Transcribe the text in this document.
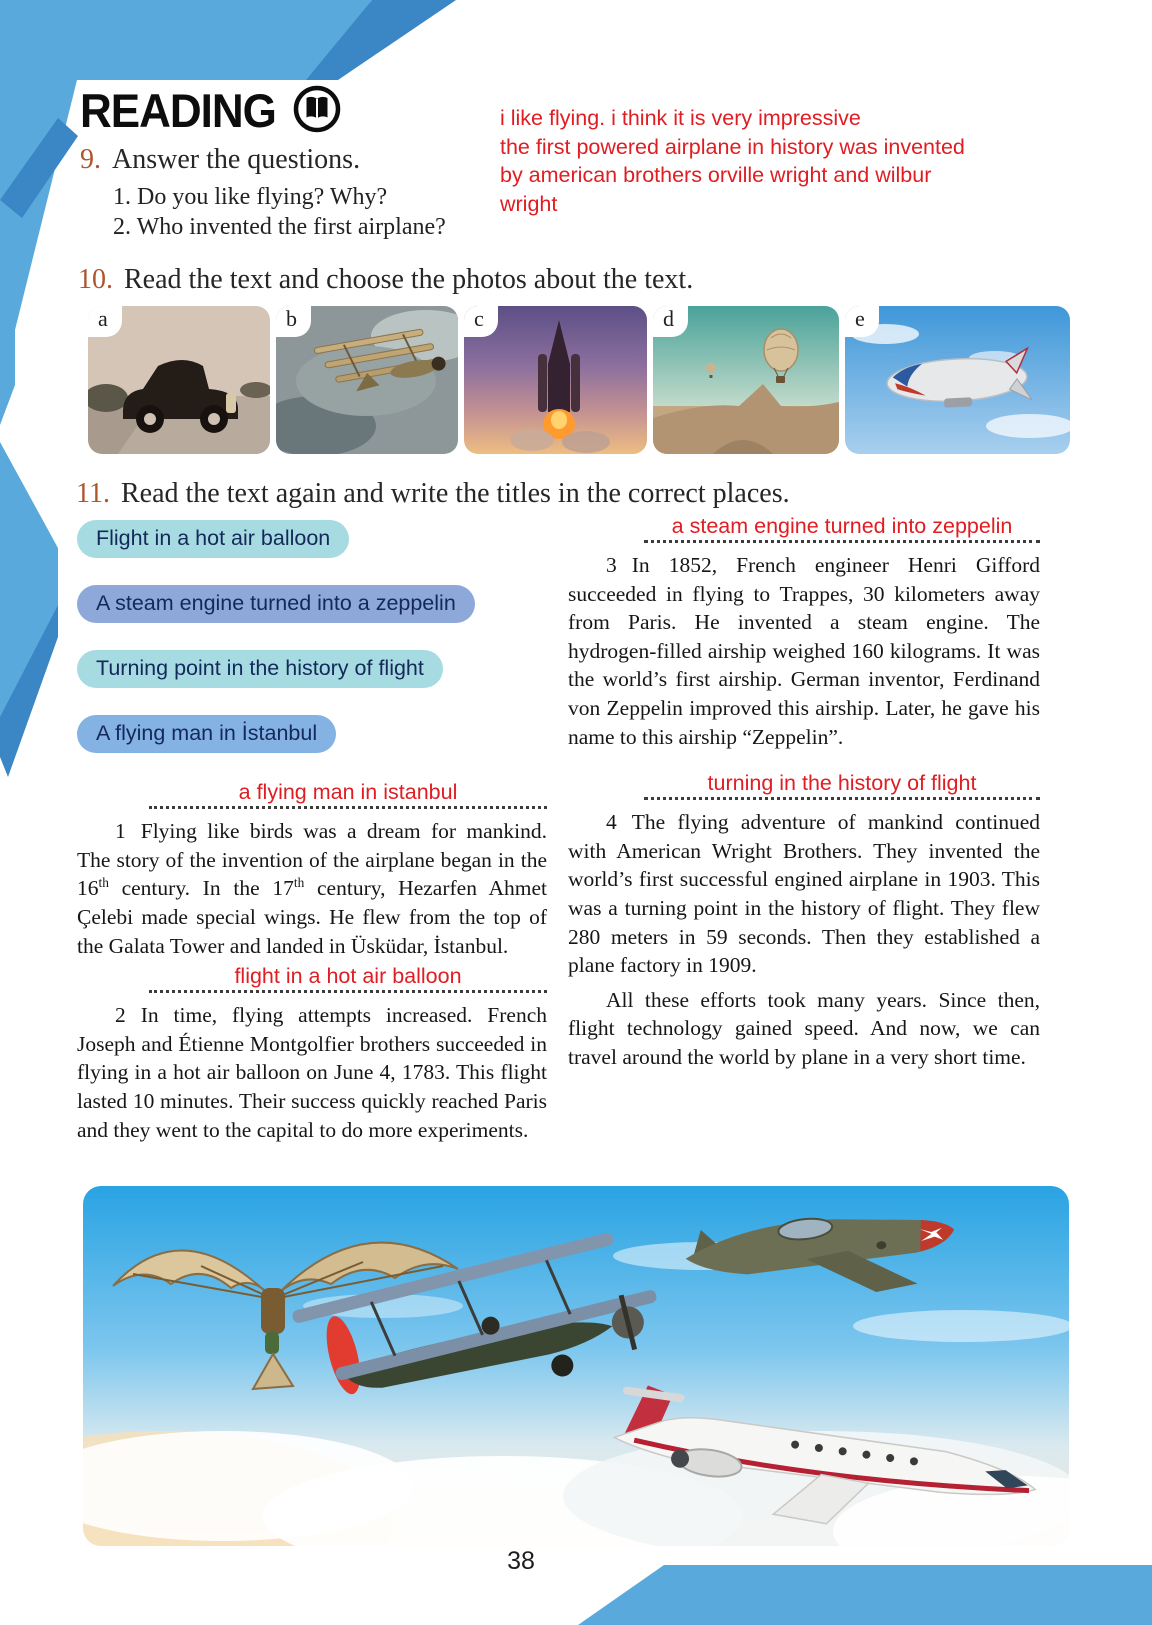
READING
9. Answer the questions.
1. Do you like flying? Why?
2. Who invented the first airplane?
i like flying. i think it is very impressive
the first powered airplane in history was invented
by american brothers orville wright and wilbur
wright
10. Read the text and choose the photos about the text.
a	b	c	d	e
11. Read the text again and write the titles in the correct places.
Flight in a hot air balloon
A steam engine turned into a zeppelin
Turning point in the history of flight
A flying man in İstanbul
a flying man in istanbul

1 Flying like birds was a dream for mankind. The story of the invention of the airplane began in the 16th century. In the 17th century, Hezarfen Ahmet Çelebi made special wings. He flew from the top of the Galata Tower and landed in Üsküdar, İstanbul.

flight in a hot air balloon

2 In time, flying attempts increased. French Joseph and Étienne Montgolfier brothers succeeded in flying in a hot air balloon on June 4, 1783. This flight lasted 10 minutes. Their success quickly reached Paris and they went to the capital to do more experiments.

a steam engine turned into zeppelin

3 In 1852, French engineer Henri Gifford succeeded in flying to Trappes, 30 kilometers away from Paris. He invented a steam engine. The hydrogen-filled airship weighed 160 kilograms. It was the world’s first airship. German inventor, Ferdinand von Zeppelin improved this airship. Later, he gave his name to this airship “Zeppelin”.

turning in the history of flight

4 The flying adventure of mankind continued with American Wright Brothers. They invented the world’s first successful engined airplane in 1903. This was a turning point in the history of flight. They flew 280 meters in 59 seconds. Then they established a plane factory in 1909.

All these efforts took many years. Since then, flight technology gained speed. And now, we can travel around the world by plane in a very short time.

38
